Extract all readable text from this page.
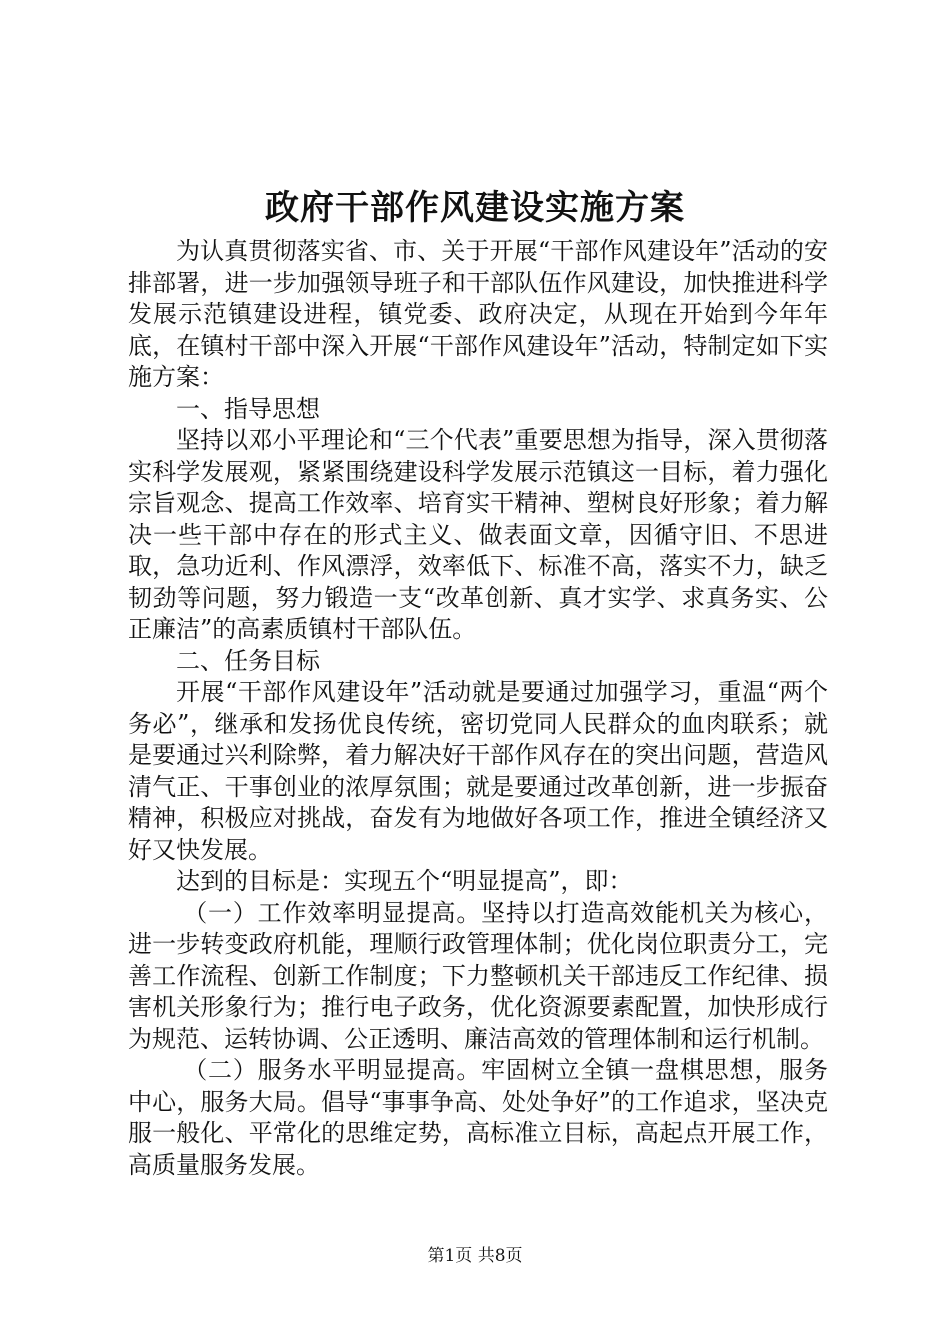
政府干部作风建设实施方案

为认真贯彻落实省、市、关于开展“干部作风建设年”活动的安排部署，进一步加强领导班子和干部队伍作风建设，加快推进科学发展示范镇建设进程，镇党委、政府决定，从现在开始到今年年底，在镇村干部中深入开展“干部作风建设年”活动，特制定如下实施方案：

一、指导思想

坚持以邓小平理论和“三个代表”重要思想为指导，深入贯彻落实科学发展观，紧紧围绕建设科学发展示范镇这一目标，着力强化宗旨观念、提高工作效率、培育实干精神、塑树良好形象；着力解决一些干部中存在的形式主义、做表面文章，因循守旧、不思进取，急功近利、作风漂浮，效率低下、标准不高，落实不力，缺乏韧劲等问题，努力锻造一支“改革创新、真才实学、求真务实、公正廉洁”的高素质镇村干部队伍。

二、任务目标

开展“干部作风建设年”活动就是要通过加强学习，重温“两个务必”，继承和发扬优良传统，密切党同人民群众的血肉联系；就是要通过兴利除弊，着力解决好干部作风存在的突出问题，营造风清气正、干事创业的浓厚氛围；就是要通过改革创新，进一步振奋精神，积极应对挑战，奋发有为地做好各项工作，推进全镇经济又好又快发展。

达到的目标是：实现五个“明显提高”，即：

（一）工作效率明显提高。坚持以打造高效能机关为核心，进一步转变政府机能，理顺行政管理体制；优化岗位职责分工，完善工作流程、创新工作制度；下力整顿机关干部违反工作纪律、损害机关形象行为；推行电子政务，优化资源要素配置，加快形成行为规范、运转协调、公正透明、廉洁高效的管理体制和运行机制。

（二）服务水平明显提高。牢固树立全镇一盘棋思想，服务中心，服务大局。倡导“事事争高、处处争好”的工作追求，坚决克服一般化、平常化的思维定势，高标准立目标，高起点开展工作，高质量服务发展。

第1页 共8页
